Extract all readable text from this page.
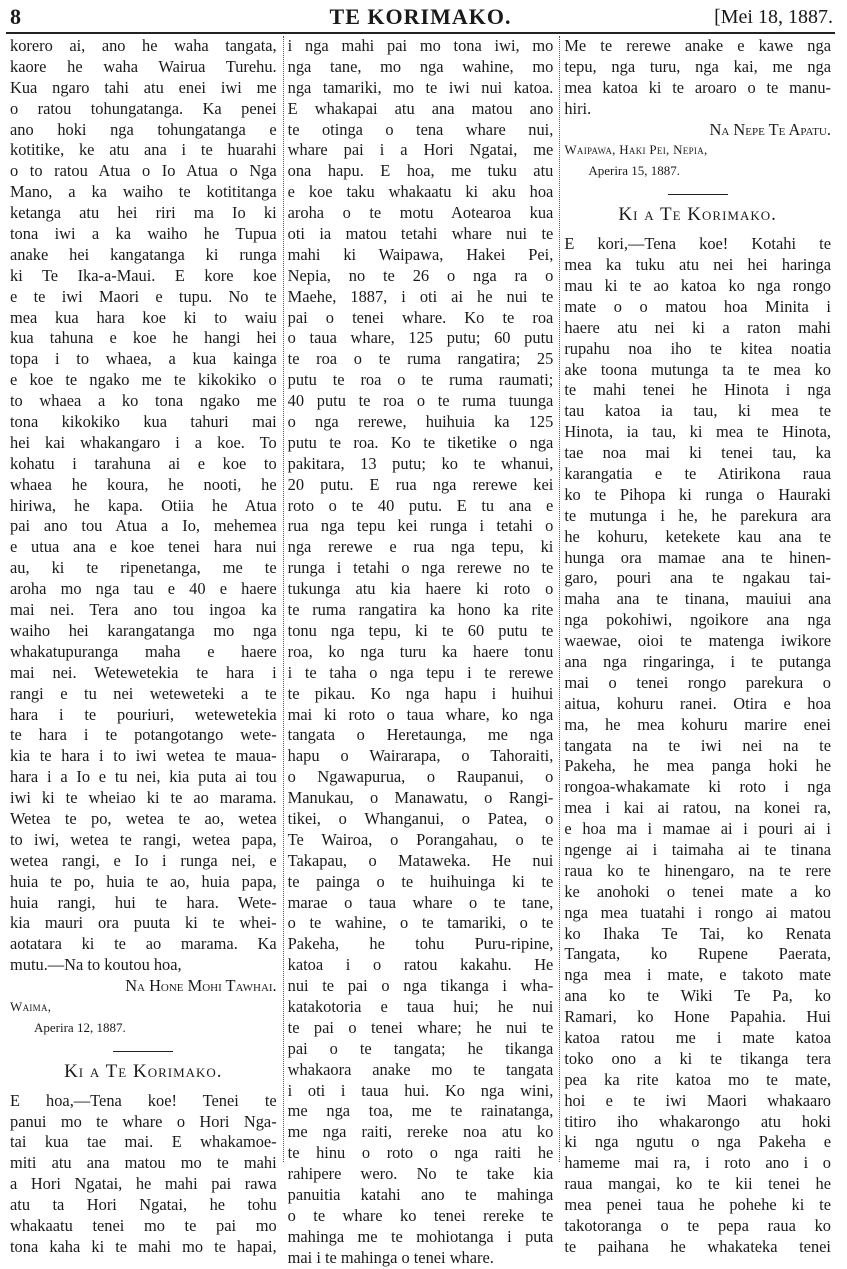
8	TE KORIMAKO.	[Mei 18, 1887.
korero ai, ano he waha tangata,
kaore he waha Wairua Turehu.
Kua ngaro tahi atu enei iwi me
o ratou tohungatanga. Ka penei
ano hoki nga tohungatanga e
kotitike, ke atu ana i te huarahi
o to ratou Atua o Io Atua o Nga
Mano, a ka waiho te kotititanga
ketanga atu hei riri ma Io ki
tona iwi a ka waiho he Tupua
anake hei kangatanga ki runga
ki Te Ika-a-Maui. E kore koe
e te iwi Maori e tupu. No te
mea kua hara koe ki to waiu
kua tahuna e koe he hangi hei
topa i to whaea, a kua kainga
e koe te ngako me te kikokiko o
to whaea a ko tona ngako me
tona kikokiko kua tahuri mai
hei kai whakangaro i a koe. To
kohatu i tarahuna ai e koe to
whaea he koura, he nooti, he
hiriwa, he kapa. Otiia he Atua
pai ano tou Atua a Io, mehemea
e utua ana e koe tenei hara nui
au, ki te ripenetanga, me te
aroha mo nga tau e 40 e haere
mai nei. Tera ano tou ingoa ka
waiho hei karangatanga mo nga
whakatupuranga maha e haere
mai nei. Wetewetekia te hara i
rangi e tu nei weteweteki a te
hara i te pouriuri, wetewetekia
te hara i te potangotango wete-
kia te hara i to iwi wetea te maua-
hara i a Io e tu nei, kia puta ai tou
iwi ki te wheiao ki te ao marama.
Wetea te po, wetea te ao, wetea
to iwi, wetea te rangi, wetea papa,
wetea rangi, e Io i runga nei, e
huia te po, huia te ao, huia papa,
huia rangi, hui te hara. Wete-
kia mauri ora puuta ki te whei-
aotatara ki te ao marama. Ka
mutu.—Na to koutou hoa,
Na Hone Mohi Tawhai.
Waima,
Aperira 12, 1887.
Ki a Te Korimako.
E hoa,—Tena koe! Tenei te
panui mo te whare o Hori Nga-
tai kua tae mai. E whakamoe-
miti atu ana matou mo te mahi
a Hori Ngatai, he mahi pai rawa
atu ta Hori Ngatai, he tohu
whakaatu tenei mo te pai mo
tona kaha ki te mahi mo te hapai,
i nga mahi pai mo tona iwi, mo
nga tane, mo nga wahine, mo
nga tamariki, mo te iwi nui katoa.
E whakapai atu ana matou ano
te otinga o tena whare nui,
whare pai i a Hori Ngatai, me
ona hapu. E hoa, me tuku atu
e koe taku whakaatu ki aku hoa
aroha o te motu Aotearoa kua
oti ia matou tetahi whare nui te
mahi ki Waipawa, Hakei Pei,
Nepia, no te 26 o nga ra o
Maehe, 1887, i oti ai he nui te
pai o tenei whare. Ko te roa
o taua whare, 125 putu; 60 putu
te roa o te ruma rangatira; 25
putu te roa o te ruma raumati;
40 putu te roa o te ruma tuunga
o nga rerewe, huihuia ka 125
putu te roa. Ko te tiketike o nga
pakitara, 13 putu; ko te whanui,
20 putu. E rua nga rerewe kei
roto o te 40 putu. E tu ana e
rua nga tepu kei runga i tetahi o
nga rerewe e rua nga tepu, ki
runga i tetahi o nga rerewe no te
tukunga atu kia haere ki roto o
te ruma rangatira ka hono ka rite
tonu nga tepu, ki te 60 putu te
roa, ko nga turu ka haere tonu
i te taha o nga tepu i te rerewe
te pikau. Ko nga hapu i huihui
mai ki roto o taua whare, ko nga
tangata o Heretaunga, me nga
hapu o Wairarapa, o Tahoraiti,
o Ngawapurua, o Raupanui, o
Manukau, o Manawatu, o Rangi-
tikei, o Whanganui, o Patea, o
Te Wairoa, o Porangahau, o te
Takapau, o Mataweka. He nui
te painga o te huihuinga ki te
marae o taua whare o te tane,
o te wahine, o te tamariki, o te
Pakeha, he tohu Puru-ripine,
katoa i o ratou kakahu. He
nui te pai o nga tikanga i wha-
katakotoria e taua hui; he nui
te pai o tenei whare; he nui te
pai o te tangata; he tikanga
whakaora anake mo te tangata
i oti i taua hui. Ko nga wini,
me nga toa, me te rainatanga,
me nga raiti, rereke noa atu ko
te hinu o roto o nga raiti he
rahipere wero. No te take kia
panuitia katahi ano te mahinga
o te whare ko tenei rereke te
mahinga me te mohiotanga i puta
mai i te mahinga o tenei whare.
Me te rerewe anake e kawe nga
tepu, nga turu, nga kai, me nga
mea katoa ki te aroaro o te manu-
hiri.
Na Nepe Te Apatu.
Waipawa, Haki Pei, Nepia,
Aperira 15, 1887.
Ki a Te Korimako.
E kori,—Tena koe! Kotahi te
mea ka tuku atu nei hei haringa
mau ki te ao katoa ko nga rongo
mate o o matou hoa Minita i
haere atu nei ki a raton mahi
rupahu noa iho te kitea noatia
ake toona mutunga ta te mea ko
te mahi tenei he Hinota i nga
tau katoa ia tau, ki mea te
Hinota, ia tau, ki mea te Hinota,
tae noa mai ki tenei tau, ka
karangatia e te Atirikona raua
ko te Pihopa ki runga o Hauraki
te mutunga i he, he parekura ara
he kohuru, ketekete kau ana te
hunga ora mamae ana te hinen-
garo, pouri ana te ngakau tai-
maha ana te tinana, mauiui ana
nga pokohiwi, ngoikore ana nga
waewae, oioi te matenga iwikore
ana nga ringaringa, i te putanga
mai o tenei rongo parekura o
aitua, kohuru ranei. Otira e hoa
ma, he mea kohuru marire enei
tangata na te iwi nei na te
Pakeha, he mea panga hoki he
rongoa-whakamate ki roto i nga
mea i kai ai ratou, na konei ra,
e hoa ma i mamae ai i pouri ai i
ngenge ai i taimaha ai te tinana
raua ko te hinengaro, na te rere
ke anohoki o tenei mate a ko
nga mea tuatahi i rongo ai matou
ko Ihaka Te Tai, ko Renata
Tangata, ko Rupene Paerata,
nga mea i mate, e takoto mate
ana ko te Wiki Te Pa, ko
Ramari, ko Hone Papahia. Hui
katoa ratou me i mate katoa
toko ono a ki te tikanga tera
pea ka rite katoa mo te mate,
hoi e te iwi Maori whakaaro
titiro iho whakarongo atu hoki
ki nga ngutu o nga Pakeha e
hameme mai ra, i roto ano i o
raua mangai, ko te kii tenei he
mea penei taua he pohehe ki te
takotoranga o te pepa raua ko
te paihana he whakateka tenei
